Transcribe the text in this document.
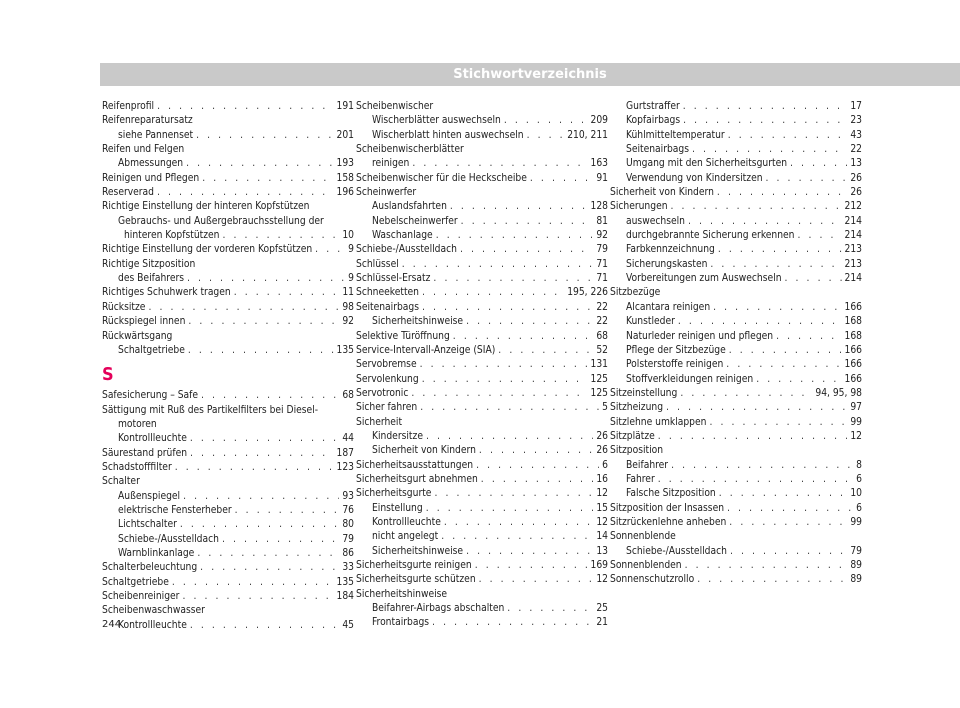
Stichwortverzeichnis
Reifenprofil . . .	191
Reifenreparatursatz
siehe Pannenset . . .	201
Reifen und Felgen
Abmessungen . . .	193
Reinigen und Pflegen . . .	158
Reserverad . . .	196
Richtige Einstellung der hinteren Kopfstützen
Gebrauchs- und Außergebrauchsstellung der
hinteren Kopfstützen . . .	10
Richtige Einstellung der vorderen Kopfstützen . . .	9
Richtige Sitzposition
des Beifahrers . . .	9
Richtiges Schuhwerk tragen . . .	11
Rücksitze . . .	98
Rückspiegel innen . . .	92
Rückwärtsgang
Schaltgetriebe . . .	135
S
Safesicherung – Safe . . .	68
Sättigung mit Ruß des Partikelfilters bei Diesel-
motoren
Kontrollleuchte . . .	44
Säurestand prüfen . . .	187
Schadstofffilter . . .	123
Schalter
Außenspiegel . . .	93
elektrische Fensterheber . . .	76
Lichtschalter . . .	80
Schiebe-/Ausstelldach . . .	79
Warnblinkanlage . . .	86
Schalterbeleuchtung . . .	33
Schaltgetriebe . . .	135
Scheibenreiniger . . .	184
Scheibenwaschwasser
Kontrollleuchte . . .	45
Scheibenwischer
Wischerblätter auswechseln . . .	209
Wischerblatt hinten auswechseln . . .	210, 211
Scheibenwischerblätter
reinigen . . .	163
Scheibenwischer für die Heckscheibe . . .	91
Scheinwerfer
Auslandsfahrten . . .	128
Nebelscheinwerfer . . .	81
Waschanlage . . .	92
Schiebe-/Ausstelldach . . .	79
Schlüssel . . .	71
Schlüssel-Ersatz . . .	71
Schneeketten . . .	195, 226
Seitenairbags . . .	22
Sicherheitshinweise . . .	22
Selektive Türöffnung . . .	68
Service-Intervall-Anzeige (SIA) . . .	52
Servobremse . . .	131
Servolenkung . . .	125
Servotronic . . .	125
Sicher fahren . . .	5
Sicherheit
Kindersitze . . .	26
Sicherheit von Kindern . . .	26
Sicherheitsausstattungen . . .	6
Sicherheitsgurt abnehmen . . .	16
Sicherheitsgurte . . .	12
Einstellung . . .	15
Kontrollleuchte . . .	12
nicht angelegt . . .	14
Sicherheitshinweise . . .	13
Sicherheitsgurte reinigen . . .	169
Sicherheitsgurte schützen . . .	12
Sicherheitshinweise
Beifahrer-Airbags abschalten . . .	25
Frontairbags . . .	21
Gurtstraffer . . .	17
Kopfairbags . . .	23
Kühlmitteltemperatur . . .	43
Seitenairbags . . .	22
Umgang mit den Sicherheitsgurten . . .	13
Verwendung von Kindersitzen . . .	26
Sicherheit von Kindern . . .	26
Sicherungen . . .	212
auswechseln . . .	214
durchgebrannte Sicherung erkennen . . .	214
Farbkennzeichnung . . .	213
Sicherungskasten . . .	213
Vorbereitungen zum Auswechseln . . .	214
Sitzbezüge
Alcantara reinigen . . .	166
Kunstleder . . .	168
Naturleder reinigen und pflegen . . .	168
Pflege der Sitzbezüge . . .	166
Polsterstoffe reinigen . . .	166
Stoffverkleidungen reinigen . . .	166
Sitzeinstellung . . .	94, 95, 98
Sitzheizung . . .	97
Sitzlehne umklappen . . .	99
Sitzplätze . . .	12
Sitzposition
Beifahrer . . .	8
Fahrer . . .	6
Falsche Sitzposition . . .	10
Sitzposition der Insassen . . .	6
Sitzrückenlehne anheben . . .	99
Sonnenblende
Schiebe-/Ausstelldach . . .	79
Sonnenblenden . . .	89
Sonnenschutzrollo . . .	89
244
